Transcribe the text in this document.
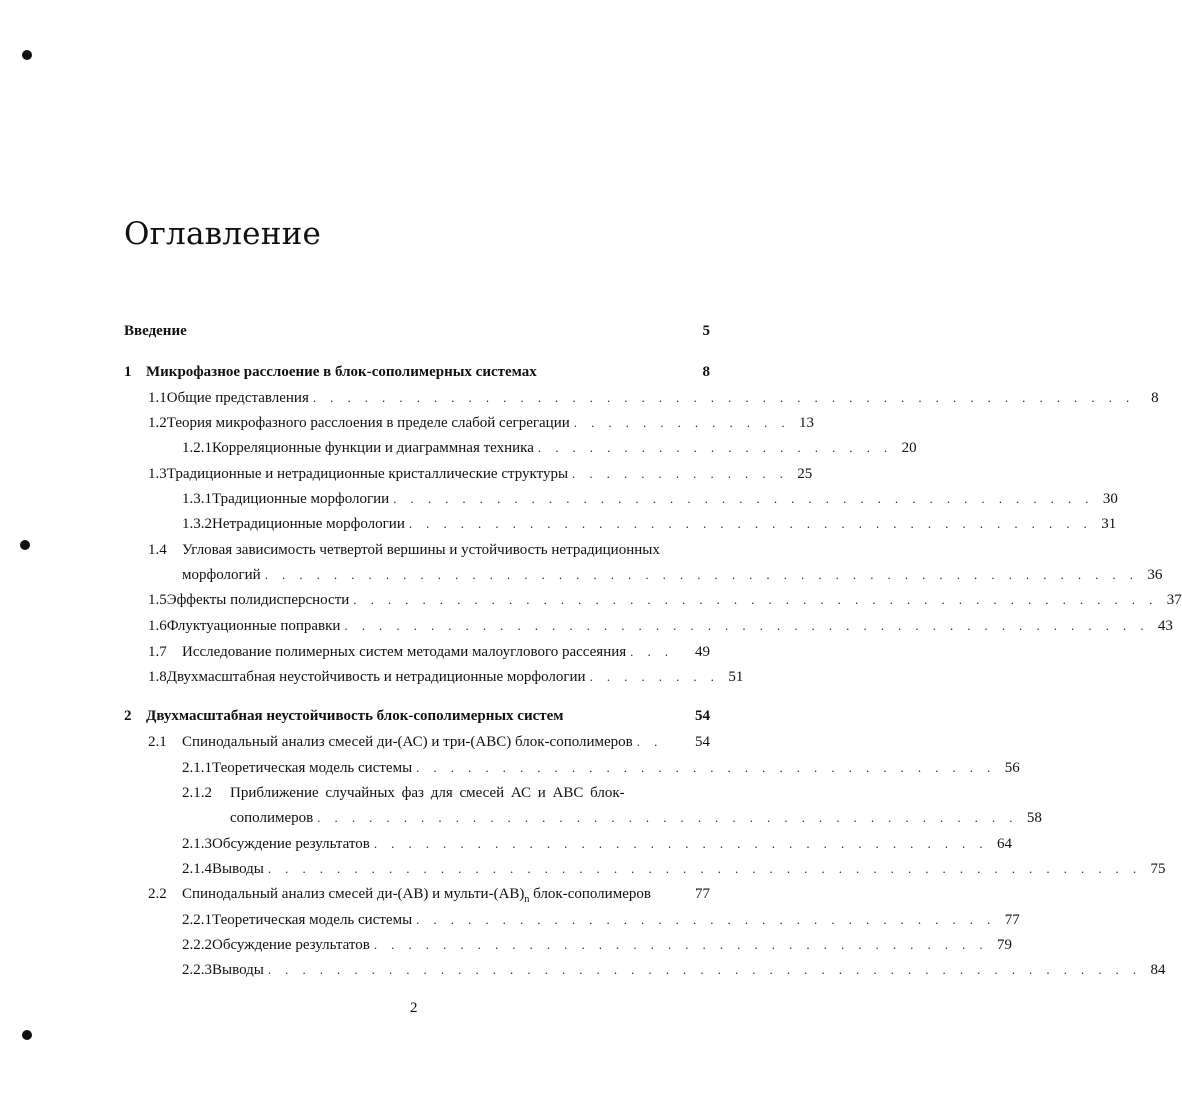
Оглавление
Введение	5
1 Микрофазное расслоение в блок-сополимерных системах	8
1.1 Общие представления . . . . . . . . . . . . . . . . . . . . . . . . . . . . . . . . . . . . . . . . . . . . . . . .	8
1.2 Теория микрофазного расслоения в пределе слабой сегрегации . . . . . . . . . . . . . 13
1.2.1 Корреляционные функции и диаграммная техника . . . . . . . . . . . . . . . . . . . . . 20
1.3 Традиционные и нетрадиционные кристаллические структуры . . . . . . . . . . . . . 25
1.3.1 Традиционные морфологии . . . . . . . . . . . . . . . . . . . . . . . . . . . . . . . . . . . . . . . . . 30
1.3.2 Нетрадиционные морфологии . . . . . . . . . . . . . . . . . . . . . . . . . . . . . . . . . . . . . . . . 31
1.4	Угловая зависимость четвертой вершины и устойчивость нетрадиционных
морфологий . . . . . . . . . . . . . . . . . . . . . . . . . . . . . . . . . . . . . . . . . . . . . . . . . . . 36
1.5 Эффекты полидисперсности . . . . . . . . . . . . . . . . . . . . . . . . . . . . . . . . . . . . . . . . . . . . . . . 37
1.6 Флуктуационные поправки . . . . . . . . . . . . . . . . . . . . . . . . . . . . . . . . . . . . . . . . . . . . . . . 43
1.7	Исследование полимерных систем методами малоуглового рассеяния . . .	49
1.8 Двухмасштабная неустойчивость и нетрадиционные морфологии . . . . . . . . 51
2 Двухмасштабная неустойчивость блок-сополимерных систем	54
2.1	Спинодальный анализ смесей ди-(АС) и три-(АВС) блок-сополимеров . .	54
2.1.1 Теоретическая модель системы . . . . . . . . . . . . . . . . . . . . . . . . . . . . . . . . . . 56
2.1.2	Приближение случайных фаз для смесей АС и АВС блок-
сополимеров . . . . . . . . . . . . . . . . . . . . . . . . . . . . . . . . . . . . . . . . . 58
2.1.3 Обсуждение результатов . . . . . . . . . . . . . . . . . . . . . . . . . . . . . . . . . . . . 64
2.1.4 Выводы . . . . . . . . . . . . . . . . . . . . . . . . . . . . . . . . . . . . . . . . . . . . . . . . . . . 75
2.2	Спинодальный анализ смесей ди-(АВ) и мульти-$(АВ)_n$ блок-сополимеров	77
2.2.1 Теоретическая модель системы . . . . . . . . . . . . . . . . . . . . . . . . . . . . . . . . . . 77
2.2.2 Обсуждение результатов . . . . . . . . . . . . . . . . . . . . . . . . . . . . . . . . . . . . 79
2.2.3 Выводы . . . . . . . . . . . . . . . . . . . . . . . . . . . . . . . . . . . . . . . . . . . . . . . . . . . 84
2
